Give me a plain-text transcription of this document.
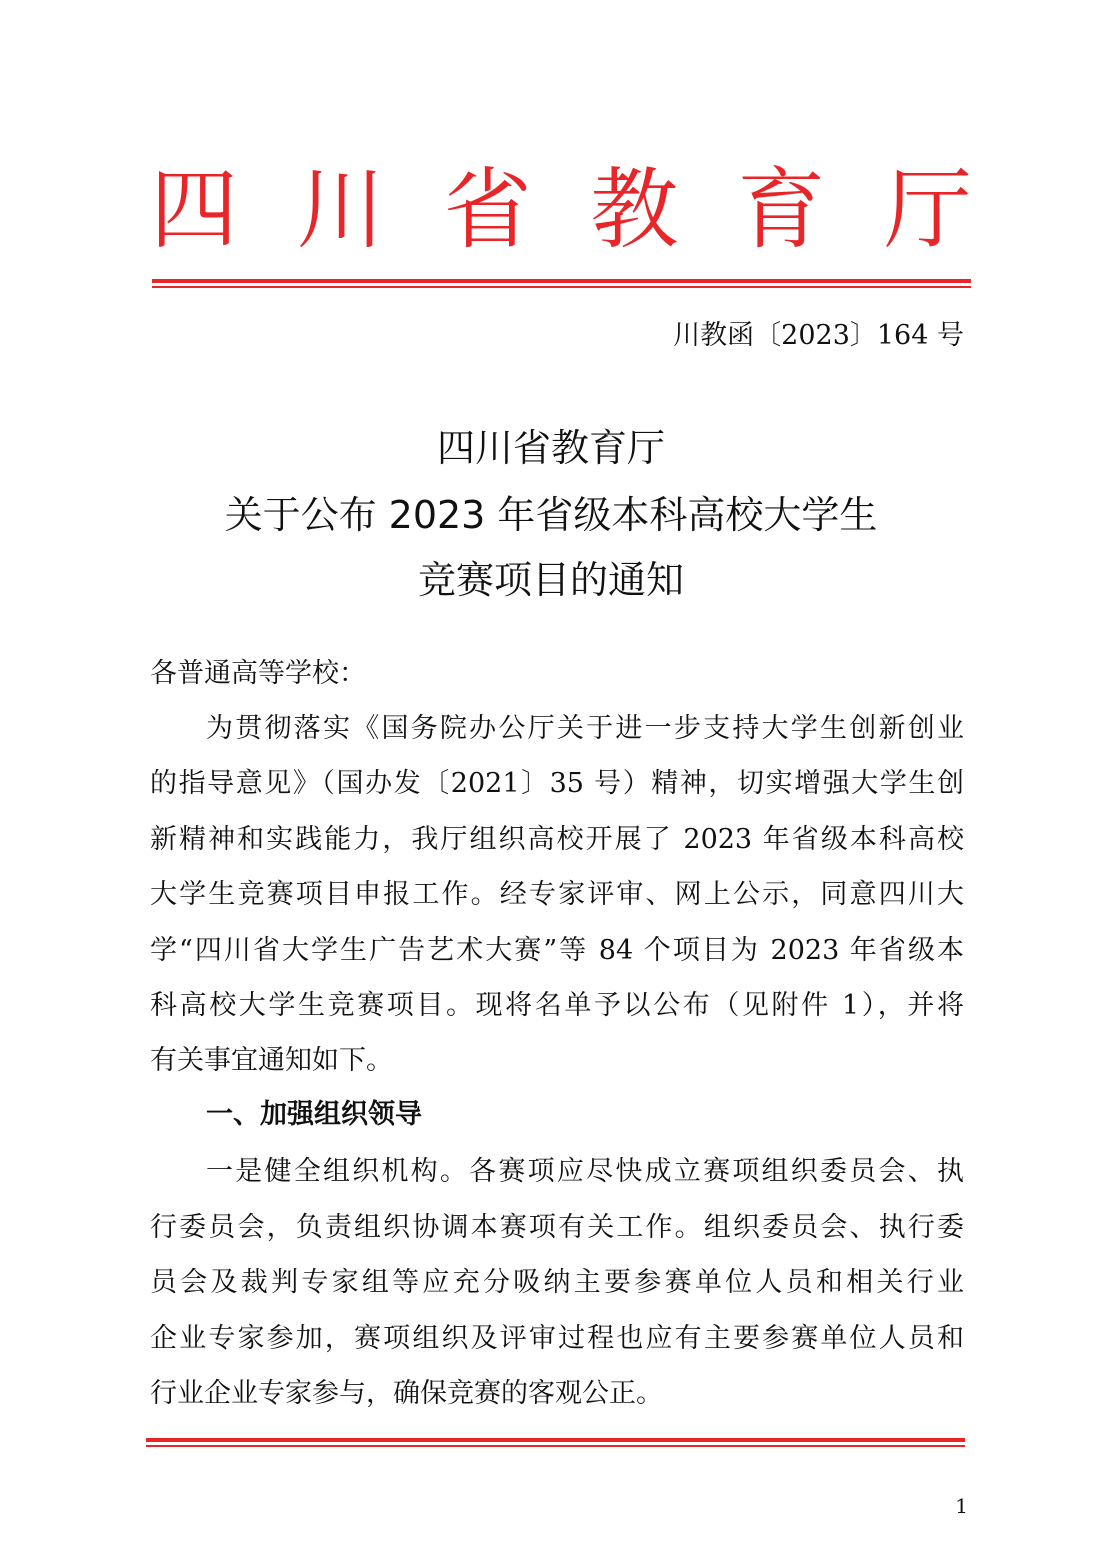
四 川 省 教 育 厅
川教函〔2023〕164 号
四川省教育厅
关于公布 2023 年省级本科高校大学生
竞赛项目的通知
各普通高等学校：
为贯彻落实《国务院办公厅关于进一步支持大学生创新创业
的指导意见》（国办发〔2021〕35 号）精神，切实增强大学生创
新精神和实践能力，我厅组织高校开展了 2023 年省级本科高校
大学生竞赛项目申报工作。经专家评审、网上公示，同意四川大
学“四川省大学生广告艺术大赛”等 84 个项目为 2023 年省级本
科高校大学生竞赛项目。现将名单予以公布（见附件 1），并将
有关事宜通知如下。
一、加强组织领导
一是健全组织机构。各赛项应尽快成立赛项组织委员会、执
行委员会，负责组织协调本赛项有关工作。组织委员会、执行委
员会及裁判专家组等应充分吸纳主要参赛单位人员和相关行业
企业专家参加，赛项组织及评审过程也应有主要参赛单位人员和
行业企业专家参与，确保竞赛的客观公正。
1
